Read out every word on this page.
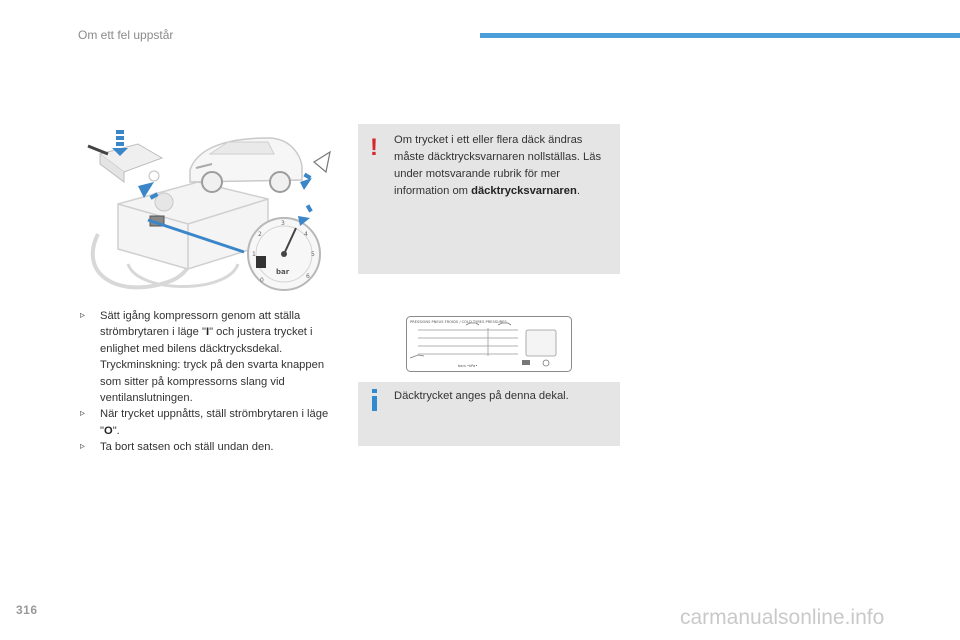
Om ett fel uppstår
0
1
2
3
4
5
6
bar
▹ Sätt igång kompressorn genom att ställa strömbrytaren i läge "I" och justera trycket i enlighet med bilens däcktrycksdekal. Tryckminskning: tryck på den svarta knappen som sitter på kompressorns slang vid ventilanslutningen.
▹ När trycket uppnåtts, ställ strömbrytaren i läge "O".
▹ Ta bort satsen och ställ undan den.
! Om trycket i ett eller flera däck ändras måste däcktrycksvarnaren nollställas. Läs under motsvarande rubrik för mer information om däcktrycksvarnaren.
PRESSIONS PNEUS FROIDS / COLD TYRES PRESSURES
bars •kPa•
Däcktrycket anges på denna dekal.
316	carmanualsonline.info
